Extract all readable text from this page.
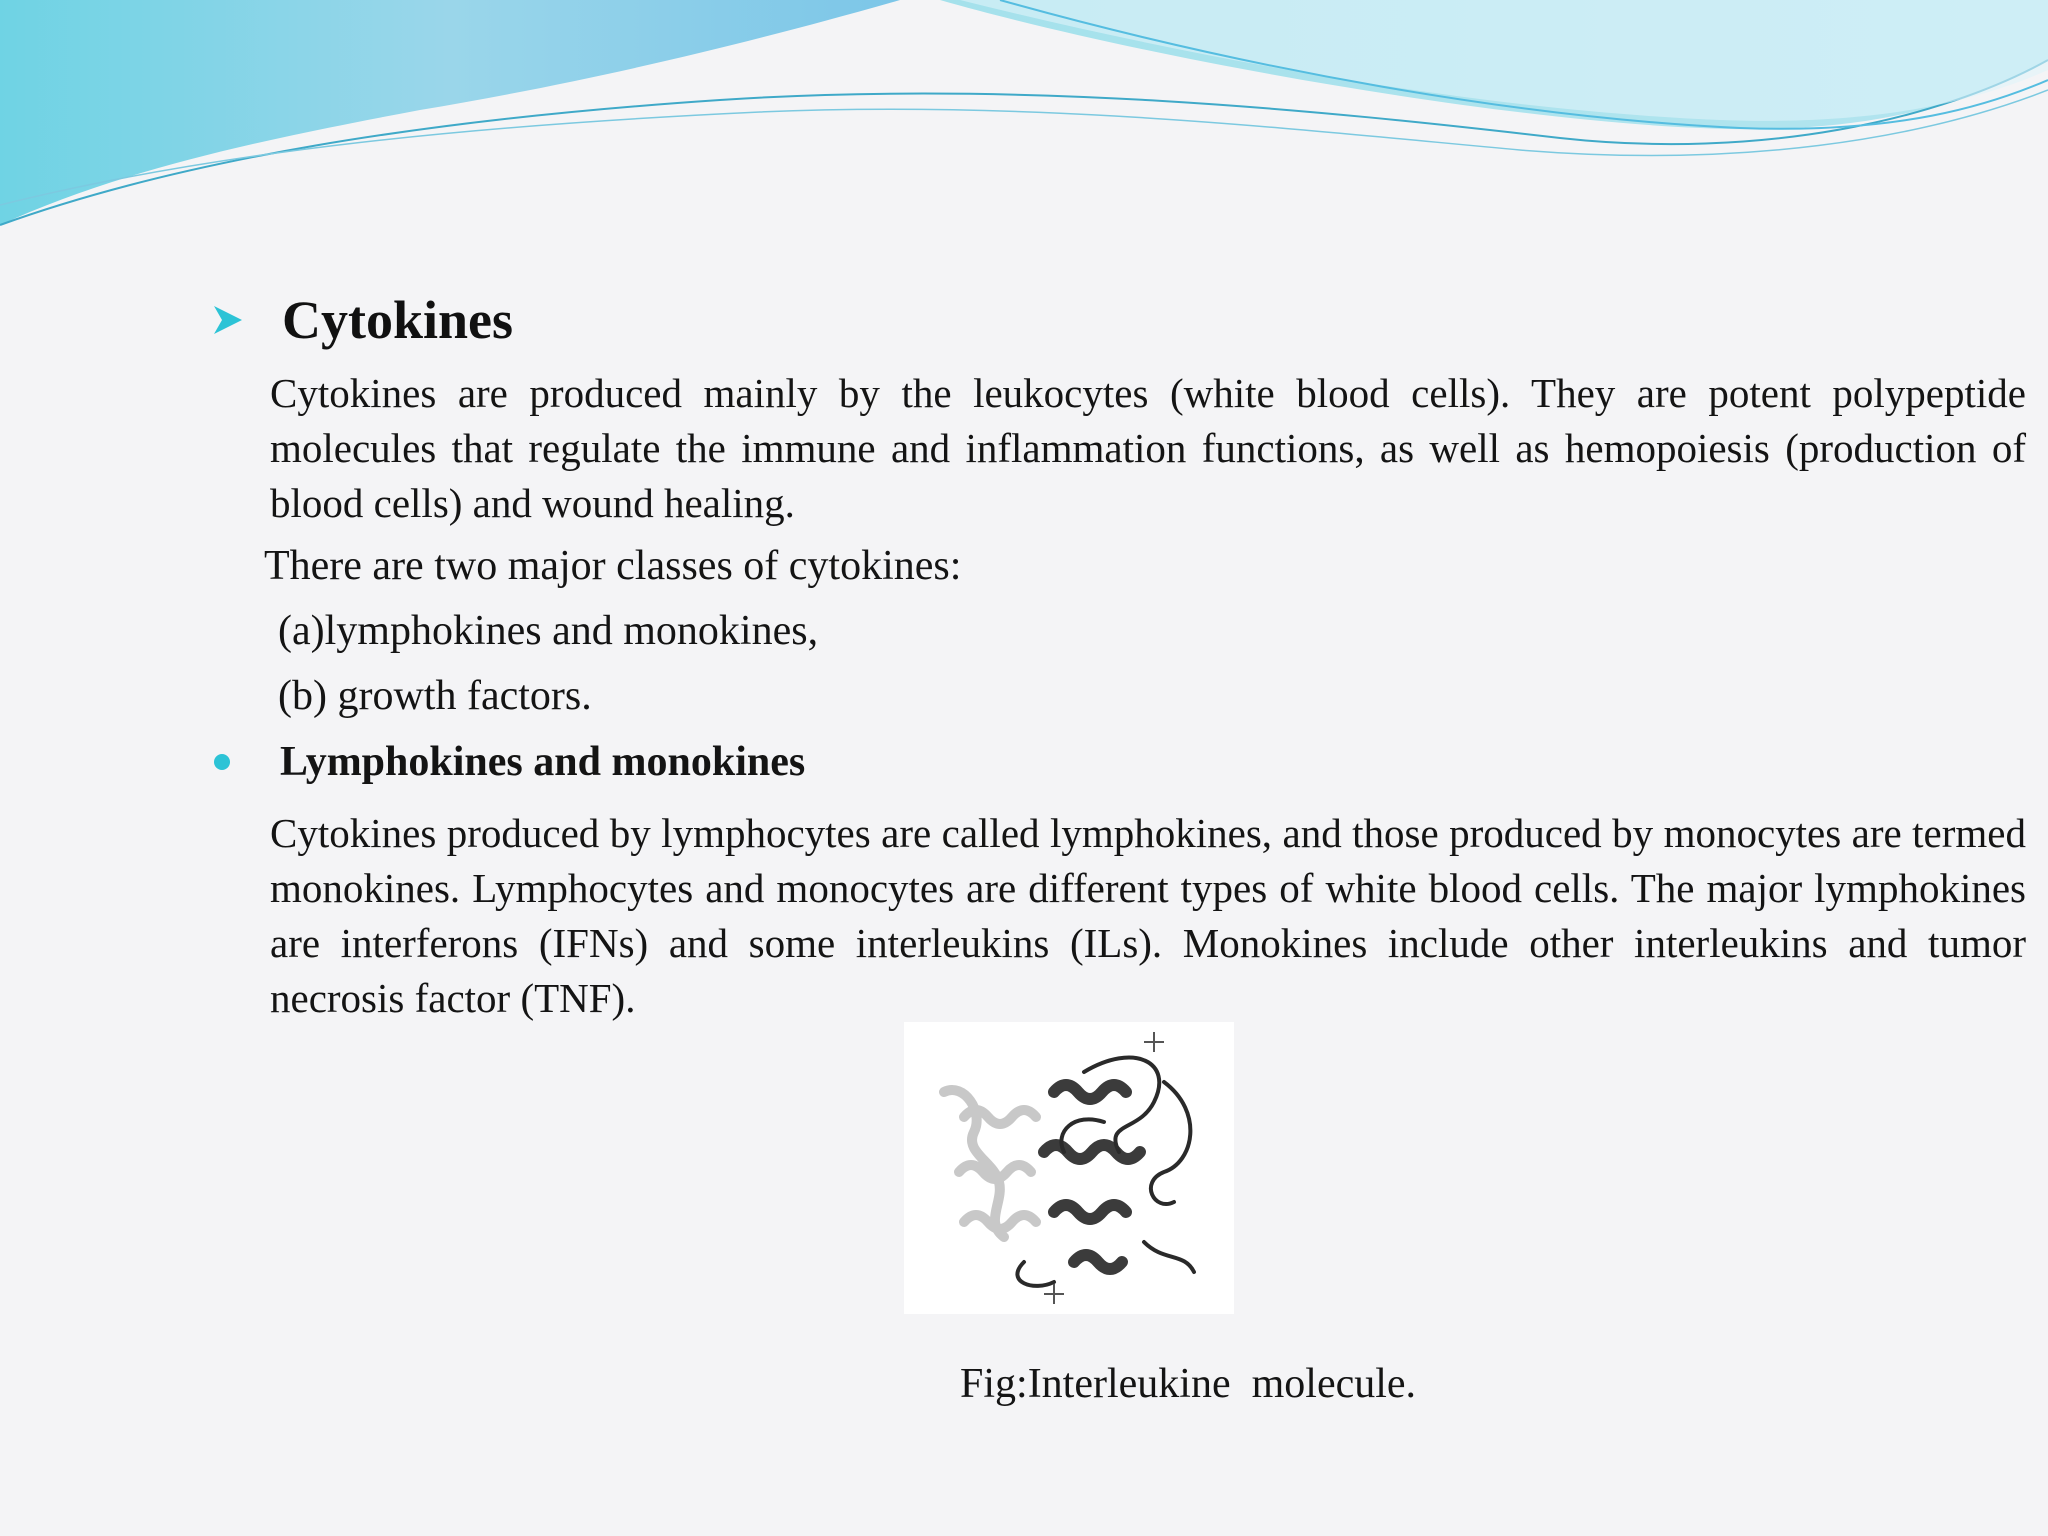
Cytokines

Cytokines are produced mainly by the leukocytes (white blood cells). They are potent polypeptide molecules that regulate the immune and inflammation functions, as well as hemopoiesis (production of blood cells) and wound healing.

There are two major classes of cytokines:

(a)lymphokines and monokines,

(b) growth factors.

Lymphokines and monokines

Cytokines produced by lymphocytes are called lymphokines, and those produced by monocytes are termed monokines. Lymphocytes and monocytes are different types of white blood cells. The major lymphokines are interferons (IFNs) and some interleukins (ILs). Monokines include other interleukins and tumor necrosis factor (TNF).

Fig:Interleukine  molecule.
